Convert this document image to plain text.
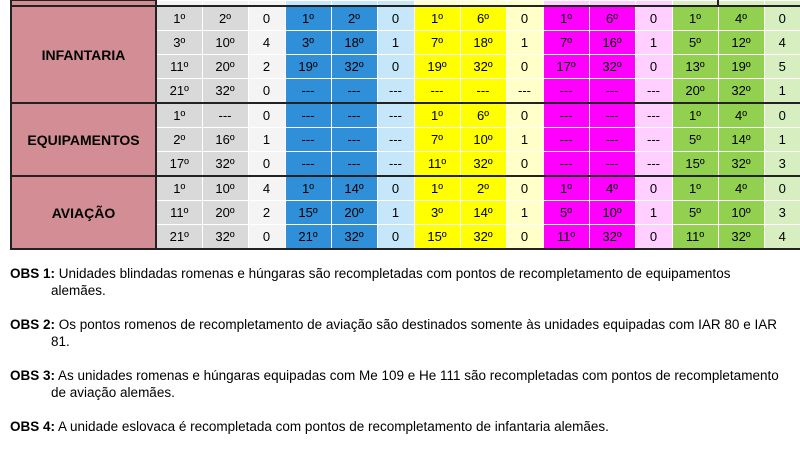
INFANTARIA	1º	2º	0	1º	2º	0	1º	6º	0	1º	6º	0	1º	4º	0
	3º	10º	4	3º	18º	1	7º	18º	1	7º	16º	1	5º	12º	4
	11º	20º	2	19º	32º	0	19º	32º	0	17º	32º	0	13º	19º	5
	21º	32º	0	---	---	---	---	---	---	---	---	---	20º	32º	1
EQUIPAMENTOS	1º	---	0	---	---	---	1º	6º	0	---	---	---	1º	4º	0
	2º	16º	1	---	---	---	7º	10º	1	---	---	---	5º	14º	1
	17º	32º	0	---	---	---	11º	32º	0	---	---	---	15º	32º	3
AVIAÇÃO	1º	10º	4	1º	14º	0	1º	2º	0	1º	4º	0	1º	4º	0
	11º	20º	2	15º	20º	1	3º	14º	1	5º	10º	1	5º	10º	3
	21º	32º	0	21º	32º	0	15º	32º	0	11º	32º	0	11º	32º	4

OBS 1: Unidades blindadas romenas e húngaras são recompletadas com pontos de recompletamento de equipamentos alemães.

OBS 2: Os pontos romenos de recompletamento de aviação são destinados somente às unidades equipadas com IAR 80 e IAR 81.

OBS 3: As unidades romenas e húngaras equipadas com Me 109 e He 111 são recompletadas com pontos de recompletamento de aviação alemães.

OBS 4: A unidade eslovaca é recompletada com pontos de recompletamento de infantaria alemães.
